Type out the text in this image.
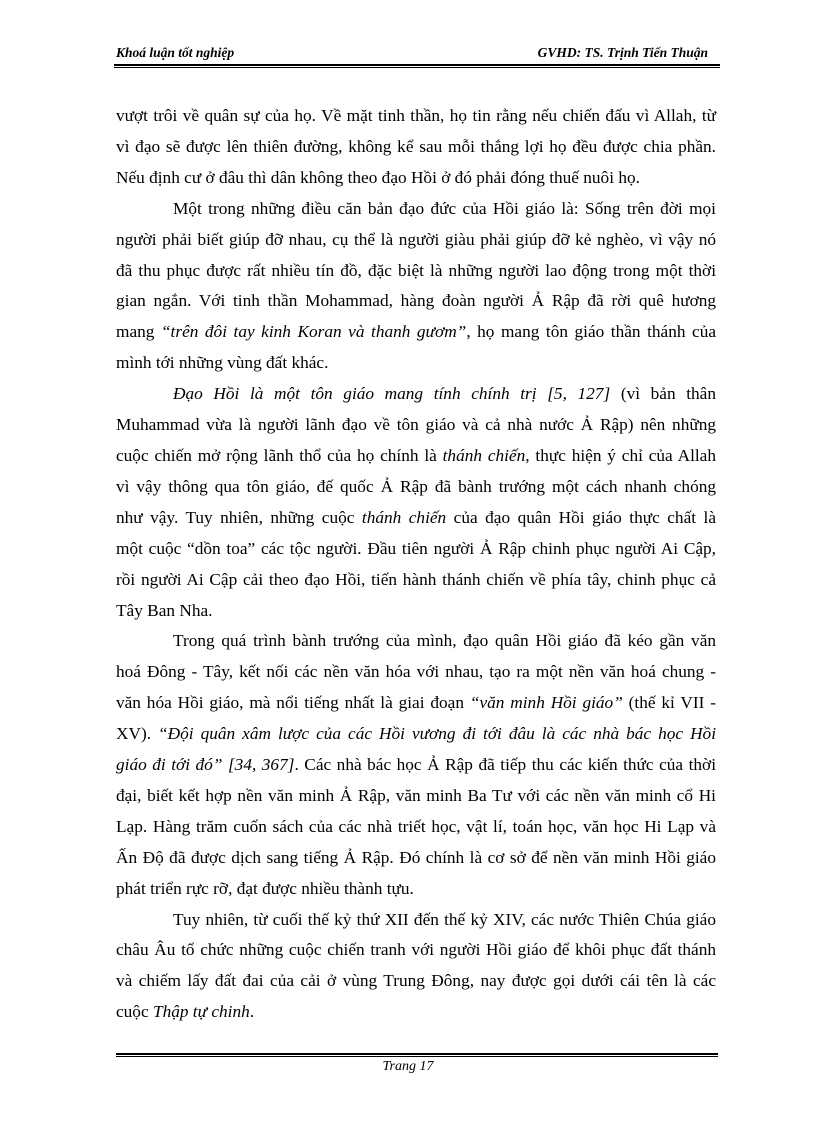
Khoá luận tốt nghiệp	GVHD: TS. Trịnh Tiến Thuận

vượt trôi về quân sự của họ. Về mặt tinh thần, họ tin rằng nếu chiến đấu vì Allah, từ
vì đạo sẽ được lên thiên đường, không kể sau mỗi thắng lợi họ đều được chia phần.
Nếu định cư ở đâu thì dân không theo đạo Hồi ở đó phải đóng thuế nuôi họ.

Một trong những điều căn bản đạo đức của Hồi giáo là: Sống trên đời mọi
người phải biết giúp đỡ nhau, cụ thể là người giàu phải giúp đỡ kẻ nghèo, vì vậy nó
đã thu phục được rất nhiều tín đồ, đặc biệt là những người lao động trong một thời
gian ngắn. Với tinh thần Mohammad, hàng đoàn người Ả Rập đã rời quê hương
mang “trên đôi tay kinh Koran và thanh gươm”, họ mang tôn giáo thần thánh của
mình tới những vùng đất khác.

Đạo Hồi là một tôn giáo mang tính chính trị [5, 127] (vì bản thân
Muhammad vừa là người lãnh đạo về tôn giáo và cả nhà nước Ả Rập) nên những
cuộc chiến mở rộng lãnh thổ của họ chính là thánh chiến, thực hiện ý chỉ của Allah
vì vậy thông qua tôn giáo, đế quốc Ả Rập đã bành trướng một cách nhanh chóng
như vậy. Tuy nhiên, những cuộc thánh chiến của đạo quân Hồi giáo thực chất là
một cuộc “dồn toa” các tộc người. Đầu tiên người Ả Rập chinh phục người Ai Cập,
rồi người Ai Cập cải theo đạo Hồi, tiến hành thánh chiến về phía tây, chinh phục cả
Tây Ban Nha.

Trong quá trình bành trướng của mình, đạo quân Hồi giáo đã kéo gần văn
hoá Đông - Tây, kết nối các nền văn hóa với nhau, tạo ra một nền văn hoá chung -
văn hóa Hồi giáo, mà nổi tiếng nhất là giai đoạn “văn minh Hồi giáo” (thế kỉ VII -
XV). “Đội quân xâm lược của các Hồi vương đi tới đâu là các nhà bác học Hồi
giáo đi tới đó” [34, 367]. Các nhà bác học Ả Rập đã tiếp thu các kiến thức của thời
đại, biết kết hợp nền văn minh Ả Rập, văn minh Ba Tư với các nền văn minh cổ Hi
Lạp. Hàng trăm cuốn sách của các nhà triết học, vật lí, toán học, văn học Hi Lạp và
Ấn Độ đã được dịch sang tiếng Ả Rập. Đó chính là cơ sở để nền văn minh Hồi giáo
phát triển rực rỡ, đạt được nhiều thành tựu.

Tuy nhiên, từ cuối thế kỷ thứ XII đến thế kỷ XIV, các nước Thiên Chúa giáo
châu Âu tổ chức những cuộc chiến tranh với người Hồi giáo để khôi phục đất thánh
và chiếm lấy đất đai của cải ở vùng Trung Đông, nay được gọi dưới cái tên là các
cuộc Thập tự chinh.

Trang 17
